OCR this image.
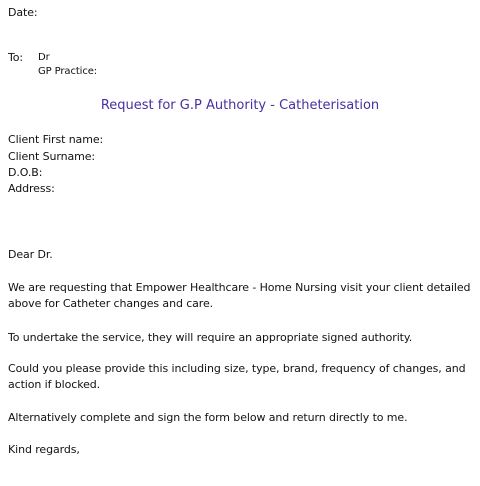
Date:
To: Dr
GP Practice:
Request for G.P Authority - Catheterisation
Client First name:
Client Surname:
D.O.B:
Address:
Dear Dr.
We are requesting that Empower Healthcare - Home Nursing visit your client detailed above for Catheter changes and care.
To undertake the service, they will require an appropriate signed authority.
Could you please provide this including size, type, brand, frequency of changes, and action if blocked.
Alternatively complete and sign the form below and return directly to me.
Kind regards,
